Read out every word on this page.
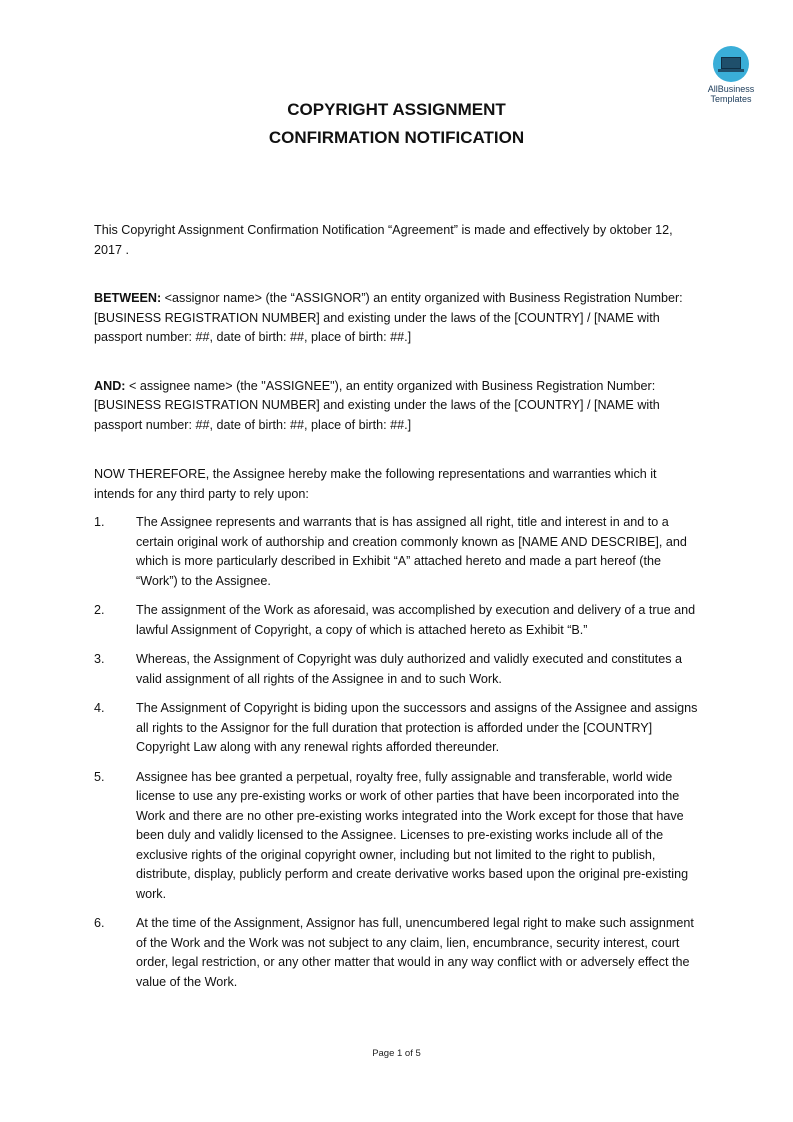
AllBusiness
Templates
COPYRIGHT ASSIGNMENT
CONFIRMATION NOTIFICATION

This Copyright Assignment Confirmation Notification “Agreement” is made and effectively by oktober 12, 2017 .

BETWEEN: <assignor name> (the “ASSIGNOR”) an entity organized with Business Registration Number: [BUSINESS REGISTRATION NUMBER] and existing under the laws of the [COUNTRY] / [NAME with passport number: ##, date of birth: ##, place of birth: ##.]

AND: < assignee name> (the "ASSIGNEE"), an entity organized with Business Registration Number: [BUSINESS REGISTRATION NUMBER] and existing under the laws of the [COUNTRY] / [NAME with passport number: ##, date of birth: ##, place of birth: ##.]

NOW THEREFORE, the Assignee hereby make the following representations and warranties which it intends for any third party to rely upon:

1. The Assignee represents and warrants that is has assigned all right, title and interest in and to a certain original work of authorship and creation commonly known as [NAME AND DESCRIBE], and which is more particularly described in Exhibit “A” attached hereto and made a part hereof (the “Work”) to the Assignee.
2. The assignment of the Work as aforesaid, was accomplished by execution and delivery of a true and lawful Assignment of Copyright, a copy of which is attached hereto as Exhibit “B.”
3. Whereas, the Assignment of Copyright was duly authorized and validly executed and constitutes a valid assignment of all rights of the Assignee in and to such Work.
4. The Assignment of Copyright is biding upon the successors and assigns of the Assignee and assigns all rights to the Assignor for the full duration that protection is afforded under the [COUNTRY] Copyright Law along with any renewal rights afforded thereunder.
5. Assignee has bee granted a perpetual, royalty free, fully assignable and transferable, world wide license to use any pre-existing works or work of other parties that have been incorporated into the Work and there are no other pre-existing works integrated into the Work except for those that have been duly and validly licensed to the Assignee. Licenses to pre-existing works include all of the exclusive rights of the original copyright owner, including but not limited to the right to publish, distribute, display, publicly perform and create derivative works based upon the original pre-existing work.
6. At the time of the Assignment, Assignor has full, unencumbered legal right to make such assignment of the Work and the Work was not subject to any claim, lien, encumbrance, security interest, court order, legal restriction, or any other matter that would in any way conflict with or adversely effect the value of the Work.
Page 1 of 5
